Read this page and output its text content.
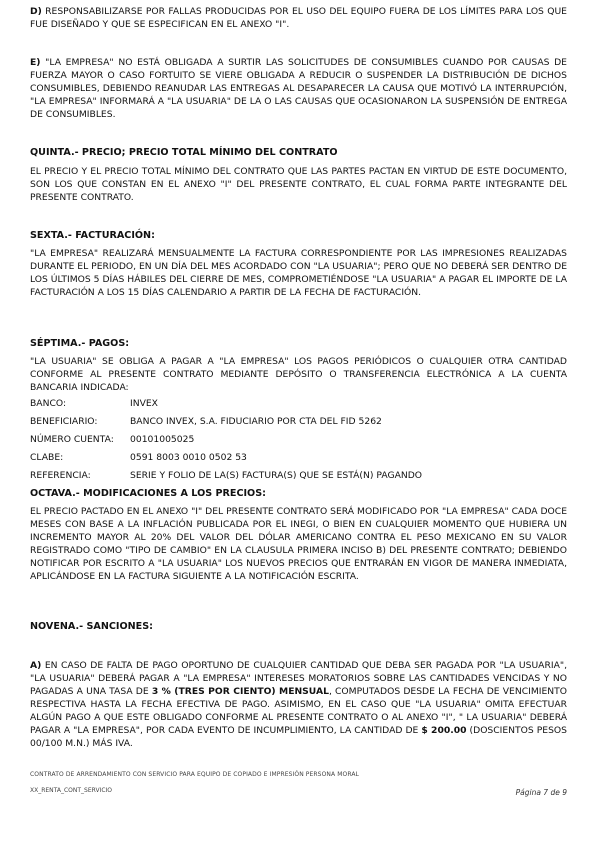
D) RESPONSABILIZARSE POR FALLAS PRODUCIDAS POR EL USO DEL EQUIPO FUERA DE LOS LÍMITES PARA LOS QUE FUE DISEÑADO Y QUE SE ESPECIFICAN EN EL ANEXO "I".

E) "LA EMPRESA" NO ESTÁ OBLIGADA A SURTIR LAS SOLICITUDES DE CONSUMIBLES CUANDO POR CAUSAS DE FUERZA MAYOR O CASO FORTUITO SE VIERE OBLIGADA A REDUCIR O SUSPENDER LA DISTRIBUCIÓN DE DICHOS CONSUMIBLES, DEBIENDO REANUDAR LAS ENTREGAS AL DESAPARECER LA CAUSA QUE MOTIVÓ LA INTERRUPCIÓN, "LA EMPRESA" INFORMARÁ A "LA USUARIA" DE LA O LAS CAUSAS QUE OCASIONARON LA SUSPENSIÓN DE ENTREGA DE CONSUMIBLES.

QUINTA.- PRECIO; PRECIO TOTAL MÍNIMO DEL CONTRATO

EL PRECIO Y EL PRECIO TOTAL MÍNIMO DEL CONTRATO QUE LAS PARTES PACTAN EN VIRTUD DE ESTE DOCUMENTO, SON LOS QUE CONSTAN EN EL ANEXO "I" DEL PRESENTE CONTRATO, EL CUAL FORMA PARTE INTEGRANTE DEL PRESENTE CONTRATO.

SEXTA.- FACTURACIÓN:

"LA EMPRESA" REALIZARÁ MENSUALMENTE LA FACTURA CORRESPONDIENTE POR LAS IMPRESIONES REALIZADAS DURANTE EL PERIODO, EN UN DÍA DEL MES ACORDADO CON "LA USUARIA"; PERO QUE NO DEBERÁ SER DENTRO DE LOS ÚLTIMOS 5 DÍAS HÁBILES DEL CIERRE DE MES, COMPROMETIÉNDOSE "LA USUARIA" A PAGAR EL IMPORTE DE LA FACTURACIÓN A LOS 15 DÍAS CALENDARIO A PARTIR DE LA FECHA DE FACTURACIÓN.

SÉPTIMA.- PAGOS:

"LA USUARIA" SE OBLIGA A PAGAR A "LA EMPRESA" LOS PAGOS PERIÓDICOS O CUALQUIER OTRA CANTIDAD CONFORME AL PRESENTE CONTRATO MEDIANTE DEPÓSITO O TRANSFERENCIA ELECTRÓNICA A LA CUENTA BANCARIA INDICADA:

BANCO:	INVEX
BENEFICIARIO:	BANCO INVEX, S.A. FIDUCIARIO POR CTA DEL FID 5262
NÚMERO CUENTA:	00101005025
CLABE:	0591 8003 0010 0502 53
REFERENCIA:	SERIE Y FOLIO DE LA(S) FACTURA(S) QUE SE ESTÁ(N) PAGANDO
OCTAVA.- MODIFICACIONES A LOS PRECIOS:

EL PRECIO PACTADO EN EL ANEXO "I" DEL PRESENTE CONTRATO SERÁ MODIFICADO POR "LA EMPRESA" CADA DOCE MESES CON BASE A LA INFLACIÓN PUBLICADA POR EL INEGI, O BIEN EN CUALQUIER MOMENTO QUE HUBIERA UN INCREMENTO MAYOR AL 20% DEL VALOR DEL DÓLAR AMERICANO CONTRA EL PESO MEXICANO EN SU VALOR REGISTRADO COMO "TIPO DE CAMBIO" EN LA CLAUSULA PRIMERA INCISO B) DEL PRESENTE CONTRATO; DEBIENDO NOTIFICAR POR ESCRITO A "LA USUARIA" LOS NUEVOS PRECIOS QUE ENTRARÁN EN VIGOR DE MANERA INMEDIATA, APLICÁNDOSE EN LA FACTURA SIGUIENTE A LA NOTIFICACIÓN ESCRITA.

NOVENA.- SANCIONES:

A) EN CASO DE FALTA DE PAGO OPORTUNO DE CUALQUIER CANTIDAD QUE DEBA SER PAGADA POR "LA USUARIA", "LA USUARIA" DEBERÁ PAGAR A "LA EMPRESA" INTERESES MORATORIOS SOBRE LAS CANTIDADES VENCIDAS Y NO PAGADAS A UNA TASA DE 3 % (TRES POR CIENTO) MENSUAL, COMPUTADOS DESDE LA FECHA DE VENCIMIENTO RESPECTIVA HASTA LA FECHA EFECTIVA DE PAGO. ASIMISMO, EN EL CASO QUE "LA USUARIA" OMITA EFECTUAR ALGÚN PAGO A QUE ESTE OBLIGADO CONFORME AL PRESENTE CONTRATO O AL ANEXO "I", " LA USUARIA" DEBERÁ PAGAR A "LA EMPRESA", POR CADA EVENTO DE INCUMPLIMIENTO, LA CANTIDAD DE $ 200.00 (DOSCIENTOS PESOS 00/100 M.N.) MÁS IVA.

CONTRATO DE ARRENDAMIENTO CON SERVICIO PARA EQUIPO DE COPIADO E IMPRESIÓN PERSONA MORAL
XX_RENTA_CONT_SERVICIO	Página 7 de 9
